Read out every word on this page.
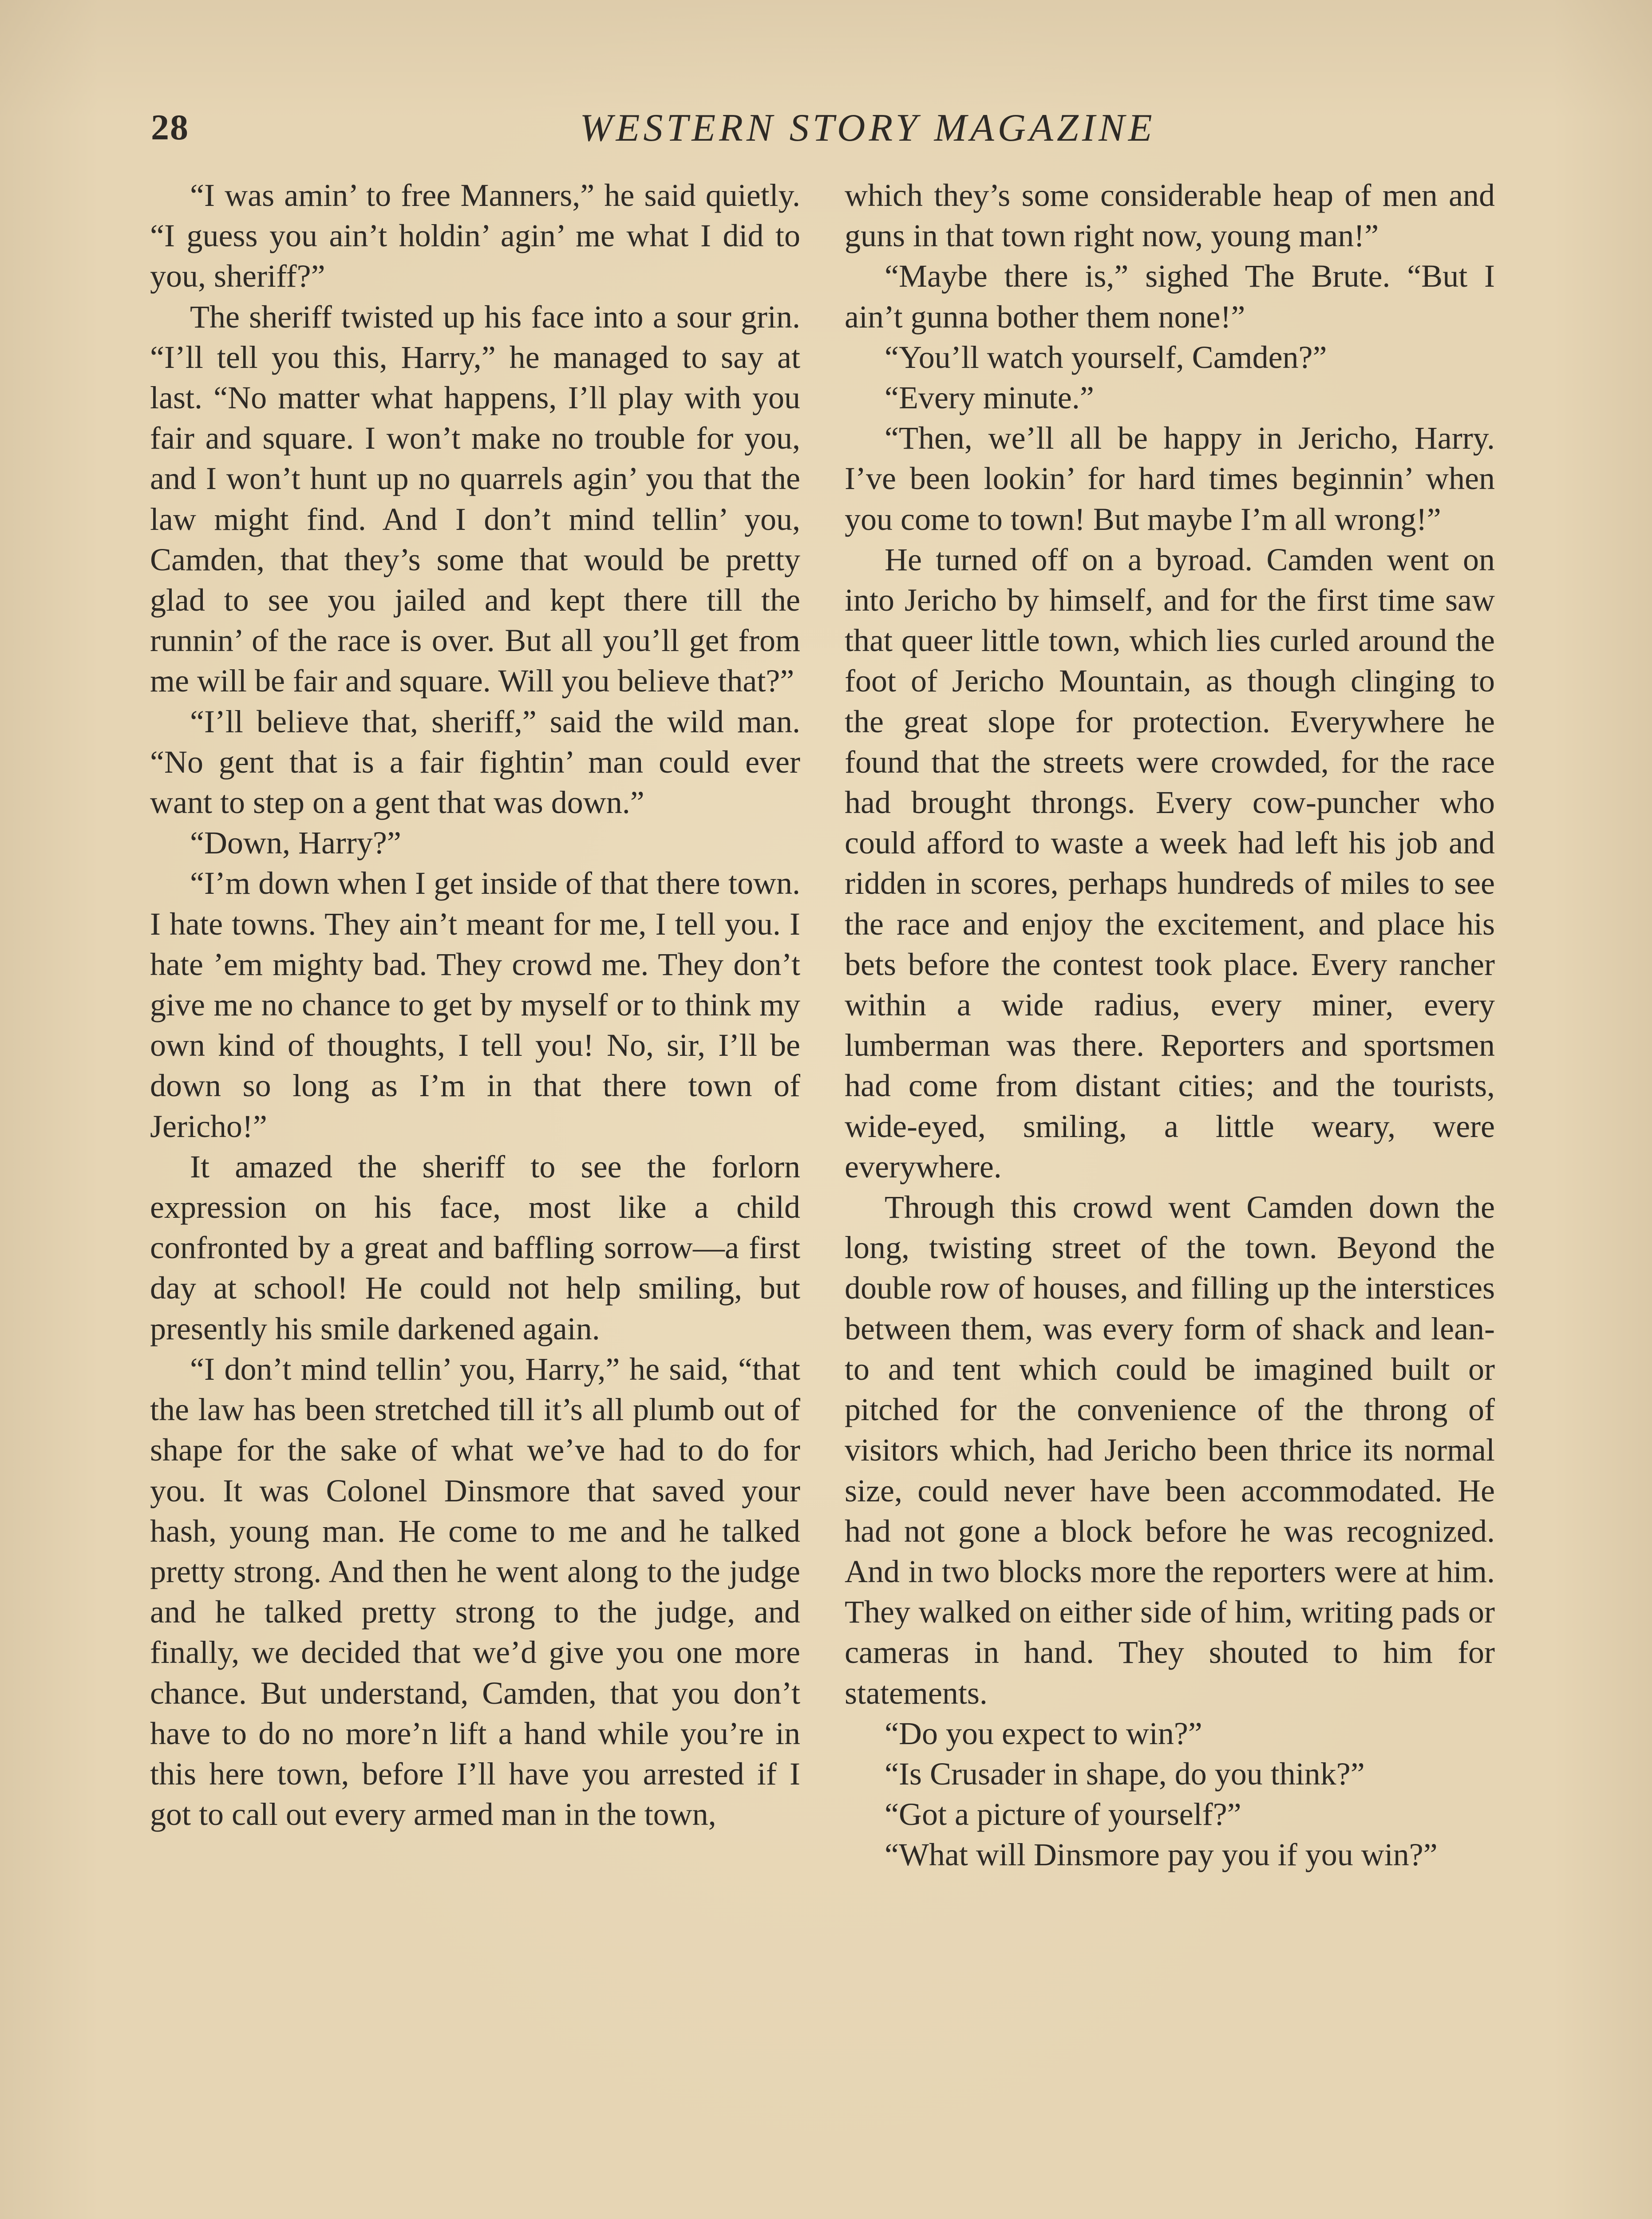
28	WESTERN STORY MAGAZINE

“I was amin’ to free Manners,” he said quietly. “I guess you ain’t holdin’ agin’ me what I did to you, sheriff?”

The sheriff twisted up his face into a sour grin. “I’ll tell you this, Harry,” he managed to say at last. “No matter what happens, I’ll play with you fair and square. I won’t make no trouble for you, and I won’t hunt up no quarrels agin’ you that the law might find. And I don’t mind tellin’ you, Camden, that they’s some that would be pretty glad to see you jailed and kept there till the runnin’ of the race is over. But all you’ll get from me will be fair and square. Will you believe that?”

“I’ll believe that, sheriff,” said the wild man. “No gent that is a fair fightin’ man could ever want to step on a gent that was down.”

“Down, Harry?”

“I’m down when I get inside of that there town. I hate towns. They ain’t meant for me, I tell you. I hate ’em mighty bad. They crowd me. They don’t give me no chance to get by myself or to think my own kind of thoughts, I tell you! No, sir, I’ll be down so long as I’m in that there town of Jericho!”

It amazed the sheriff to see the forlorn expression on his face, most like a child confronted by a great and baffling sorrow—a first day at school! He could not help smiling, but presently his smile darkened again.

“I don’t mind tellin’ you, Harry,” he said, “that the law has been stretched till it’s all plumb out of shape for the sake of what we’ve had to do for you. It was Colonel Dinsmore that saved your hash, young man. He come to me and he talked pretty strong. And then he went along to the judge and he talked pretty strong to the judge, and finally, we decided that we’d give you one more chance. But understand, Camden, that you don’t have to do no more’n lift a hand while you’re in this here town, before I’ll have you arrested if I got to call out every armed man in the town,

which they’s some considerable heap of men and guns in that town right now, young man!”

“Maybe there is,” sighed The Brute. “But I ain’t gunna bother them none!”

“You’ll watch yourself, Camden?”

“Every minute.”

“Then, we’ll all be happy in Jericho, Harry. I’ve been lookin’ for hard times beginnin’ when you come to town! But maybe I’m all wrong!”

He turned off on a byroad. Camden went on into Jericho by himself, and for the first time saw that queer little town, which lies curled around the foot of Jericho Mountain, as though clinging to the great slope for protection. Everywhere he found that the streets were crowded, for the race had brought throngs. Every cow-puncher who could afford to waste a week had left his job and ridden in scores, perhaps hundreds of miles to see the race and enjoy the excitement, and place his bets before the contest took place. Every rancher within a wide radius, every miner, every lumberman was there. Reporters and sportsmen had come from distant cities; and the tourists, wide-eyed, smiling, a little weary, were everywhere.

Through this crowd went Camden down the long, twisting street of the town. Beyond the double row of houses, and filling up the interstices between them, was every form of shack and lean-to and tent which could be imagined built or pitched for the convenience of the throng of visitors which, had Jericho been thrice its normal size, could never have been accommodated. He had not gone a block before he was recognized. And in two blocks more the reporters were at him. They walked on either side of him, writing pads or cameras in hand. They shouted to him for statements.

“Do you expect to win?”

“Is Crusader in shape, do you think?”

“Got a picture of yourself?”

“What will Dinsmore pay you if you win?”
